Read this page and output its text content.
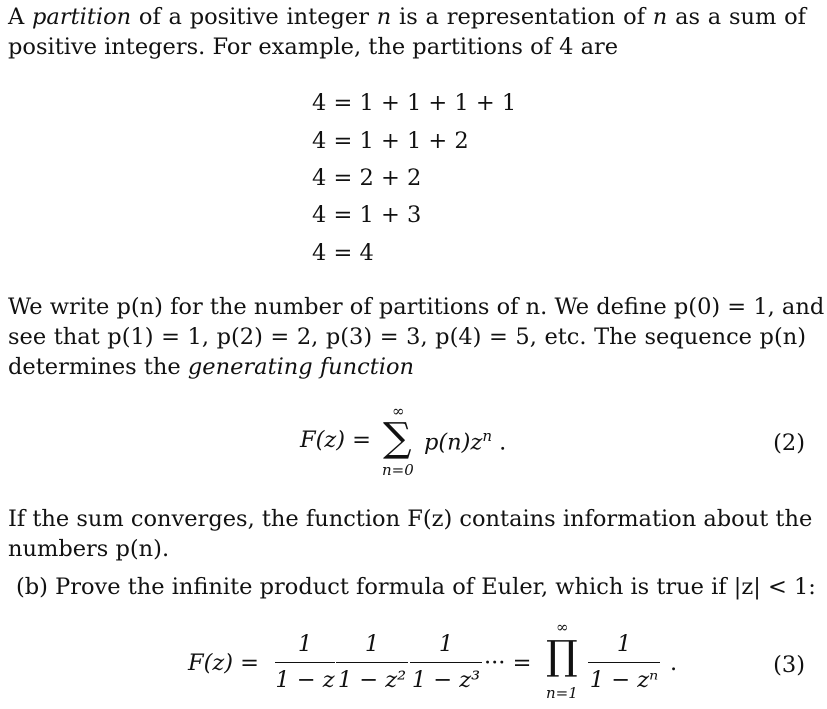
A partition of a positive integer n is a representation of n as a sum of
positive integers. For example, the partitions of 4 are
4 = 1 + 1 + 1 + 1
4 = 1 + 1 + 2
4 = 2 + 2
4 = 1 + 3
4 = 4
We write p(n) for the number of partitions of n. We define p(0) = 1, and
see that p(1) = 1, p(2) = 2, p(3) = 3, p(4) = 5, etc. The sequence p(n)
determines the generating function
F(z) =
∞
∑
n=0
$p(n)z^n$ .	(2)
If the sum converges, the function F(z) contains information about the
numbers p(n).
(b) Prove the infinite product formula of Euler, which is true if |z| < 1:
F(z) =
1
1 − z
1
1 − z²
1
1 − z³
··· =
∞
∏
n=1
1
1 − zⁿ
.	(3)
